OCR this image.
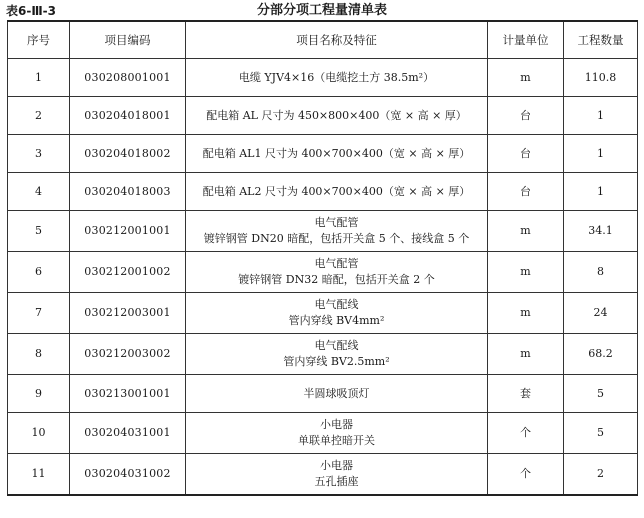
表6-Ⅲ-3	分部分项工程量清单表
序号	项目编码	项目名称及特征	计量单位	工程数量
1	030208001001	电缆 YJV4×16（电缆挖土方 38.5m²）	m	110.8
2	030204018001	配电箱 AL 尺寸为 450×800×400（宽 × 高 × 厚）	台	1
3	030204018002	配电箱 AL1 尺寸为 400×700×400（宽 × 高 × 厚）	台	1
4	030204018003	配电箱 AL2 尺寸为 400×700×400（宽 × 高 × 厚）	台	1
5	030212001001	电气配管
镀锌钢管 DN20 暗配，包括开关盒 5 个、接线盒 5 个	m	34.1
6	030212001002	电气配管
镀锌钢管 DN32 暗配，包括开关盒 2 个	m	8
7	030212003001	电气配线
管内穿线 BV4mm²	m	24
8	030212003002	电气配线
管内穿线 BV2.5mm²	m	68.2
9	030213001001	半圆球吸顶灯	套	5
10	030204031001	小电器
单联单控暗开关	个	5
11	030204031002	小电器
五孔插座	个	2
